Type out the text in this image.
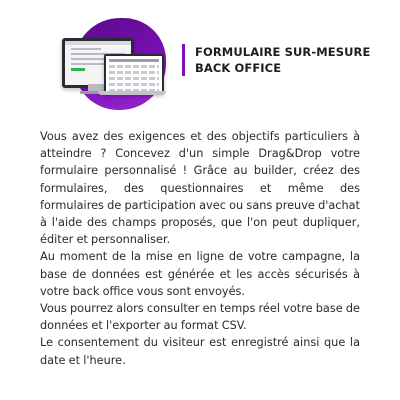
FORMULAIRE SUR-MESURE
BACK OFFICE

Vous avez des exigences et des objectifs particuliers à atteindre ? Concevez d'un simple Drag&Drop votre formulaire personnalisé ! Grâce au builder, créez des formulaires, des questionnaires et même des formulaires de participation avec ou sans preuve d'achat à l'aide des champs proposés, que l'on peut dupliquer, éditer et personnaliser.

Au moment de la mise en ligne de votre campagne, la base de données est générée et les accès sécurisés à votre back office vous sont envoyés.

Vous pourrez alors consulter en temps réel votre base de données et l'exporter au format CSV.

Le consentement du visiteur est enregistré ainsi que la date et l'heure.
